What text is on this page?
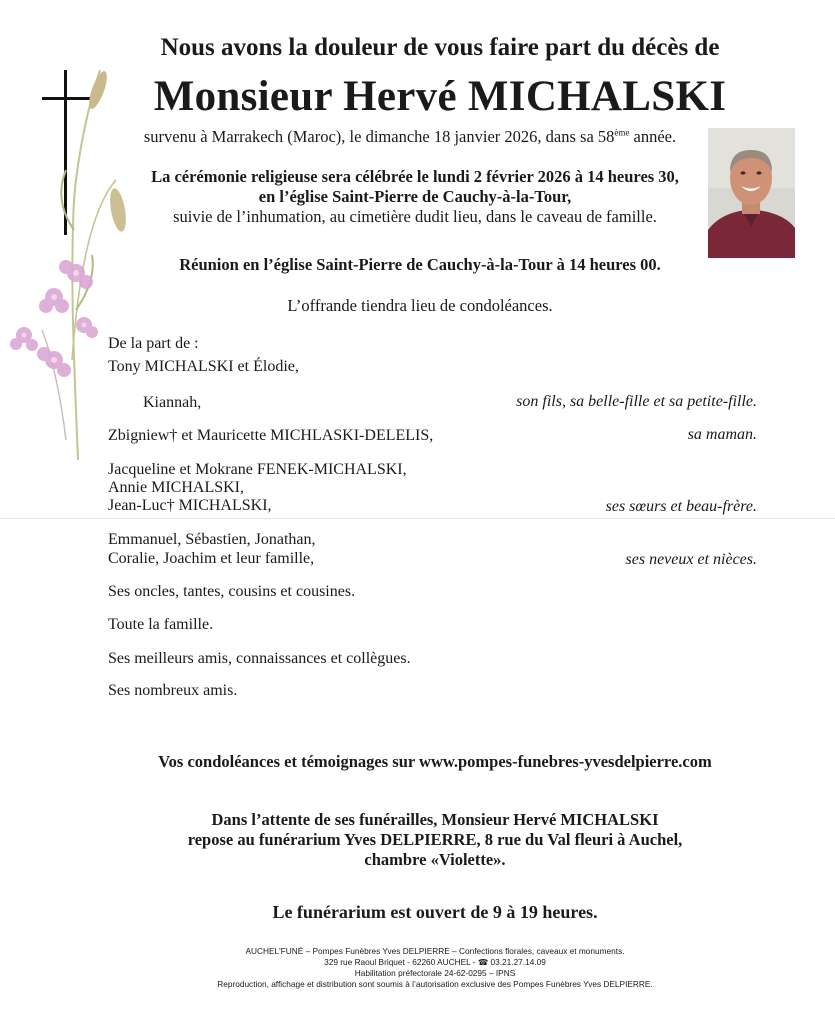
Nous avons la douleur de vous faire part du décès de
Monsieur Hervé MICHALSKI
survenu à Marrakech (Maroc), le dimanche 18 janvier 2026, dans sa 58ème année.
La cérémonie religieuse sera célébrée le lundi 2 février 2026 à 14 heures 30,
en l’église Saint-Pierre de Cauchy-à-la-Tour,
suivie de l’inhumation, au cimetière dudit lieu, dans le caveau de famille.
Réunion en l’église Saint-Pierre de Cauchy-à-la-Tour à 14 heures 00.
L’offrande tiendra lieu de condoléances.
De la part de :
Tony MICHALSKI et Élodie,
Kiannah,	son fils, sa belle-fille et sa petite-fille.
Zbigniew† et Mauricette MICHLASKI-DELELIS,	sa maman.
Jacqueline et Mokrane FENEK-MICHALSKI,
Annie MICHALSKI,
Jean-Luc† MICHALSKI,	ses sœurs et beau-frère.
Emmanuel, Sébastien, Jonathan,
Coralie, Joachim et leur famille,	ses neveux et nièces.
Ses oncles, tantes, cousins et cousines.
Toute la famille.
Ses meilleurs amis, connaissances et collègues.
Ses nombreux amis.
Vos condoléances et témoignages sur www.pompes-funebres-yvesdelpierre.com
Dans l’attente de ses funérailles, Monsieur Hervé MICHALSKI
repose au funérarium Yves DELPIERRE, 8 rue du Val fleuri à Auchel,
chambre «Violette».
Le funérarium est ouvert de 9 à 19 heures.
AUCHEL'FUNÉ – Pompes Funèbres Yves DELPIERRE – Confections florales, caveaux et monuments.
329 rue Raoul Briquet - 62260 AUCHEL - ☎ 03.21.27.14.09
Habilitation préfectorale 24-62-0295 – IPNS
Reproduction, affichage et distribution sont soumis à l’autorisation exclusive des Pompes Funèbres Yves DELPIERRE.
